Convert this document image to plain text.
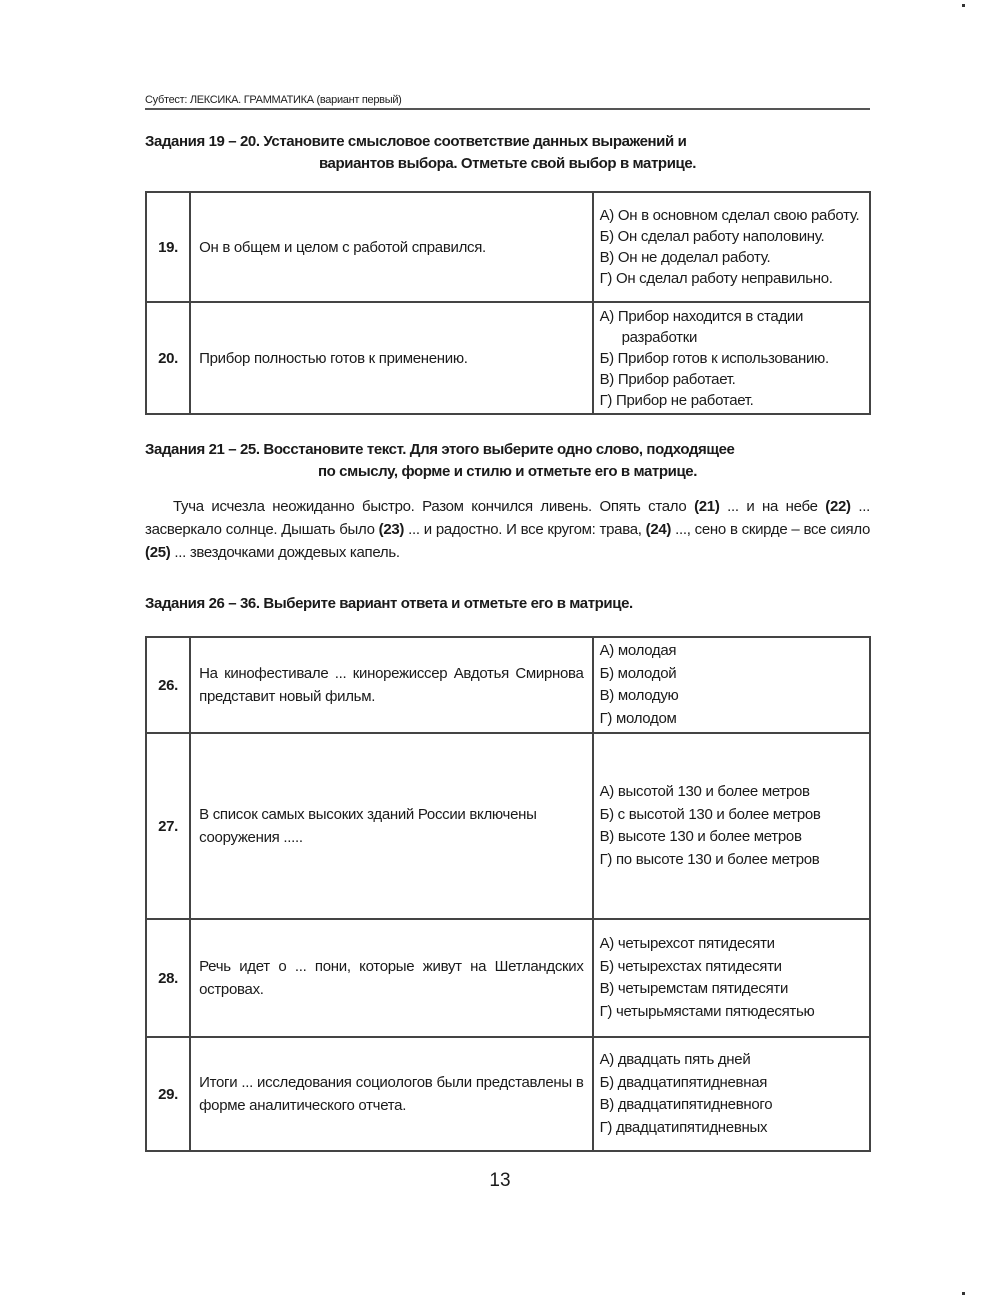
Субтест: ЛЕКСИКА. ГРАММАТИКА (вариант первый)
Задания 19 – 20. Установите смысловое соответствие данных выражений и
вариантов выбора. Отметьте свой выбор в матрице.
19.	Он в общем и целом с работой справился.	А) Он в основном сделал свою работу.
Б) Он сделал работу наполовину.
В) Он не доделал работу.
Г) Он сделал работу неправильно.

20.	Прибор полностью готов к применению.	А) Прибор находится в стадии разработки
Б) Прибор готов к использованию.
В) Прибор работает.
Г) Прибор не работает.
Задания 21 – 25. Восстановите текст. Для этого выберите одно слово, подходящее
по смыслу, форме и стилю и отметьте его в матрице.
Туча исчезла неожиданно быстро. Разом кончился ливень. Опять стало (21) ... и на небе (22) ... засверкало солнце. Дышать было (23) ... и радостно. И все кругом: трава, (24) ..., сено в скирде – все сияло (25) ... звездочками дождевых капель.
Задания 26 – 36. Выберите вариант ответа и отметьте его в матрице.
26.	На кинофестивале ... кинорежиссер Авдотья Смирнова представит новый фильм.	А) молодая
Б) молодой
В) молодую
Г) молодом

27.	В список самых высоких зданий России включены сооружения .....	А) высотой 130 и более метров
Б) с высотой 130 и более метров
В) высоте 130 и более метров
Г) по высоте 130 и более метров

28.	Речь идет о ... пони, которые живут на Шетландских островах.	А) четырехсот пятидесяти
Б) четырехстах пятидесяти
В) четыремстам пятидесяти
Г) четырьмястами пятюдесятью

29.	Итоги ... исследования социологов были представлены в форме аналитического отчета.	А) двадцать пять дней
Б) двадцатипятидневная
В) двадцатипятидневного
Г) двадцатипятидневных
13
